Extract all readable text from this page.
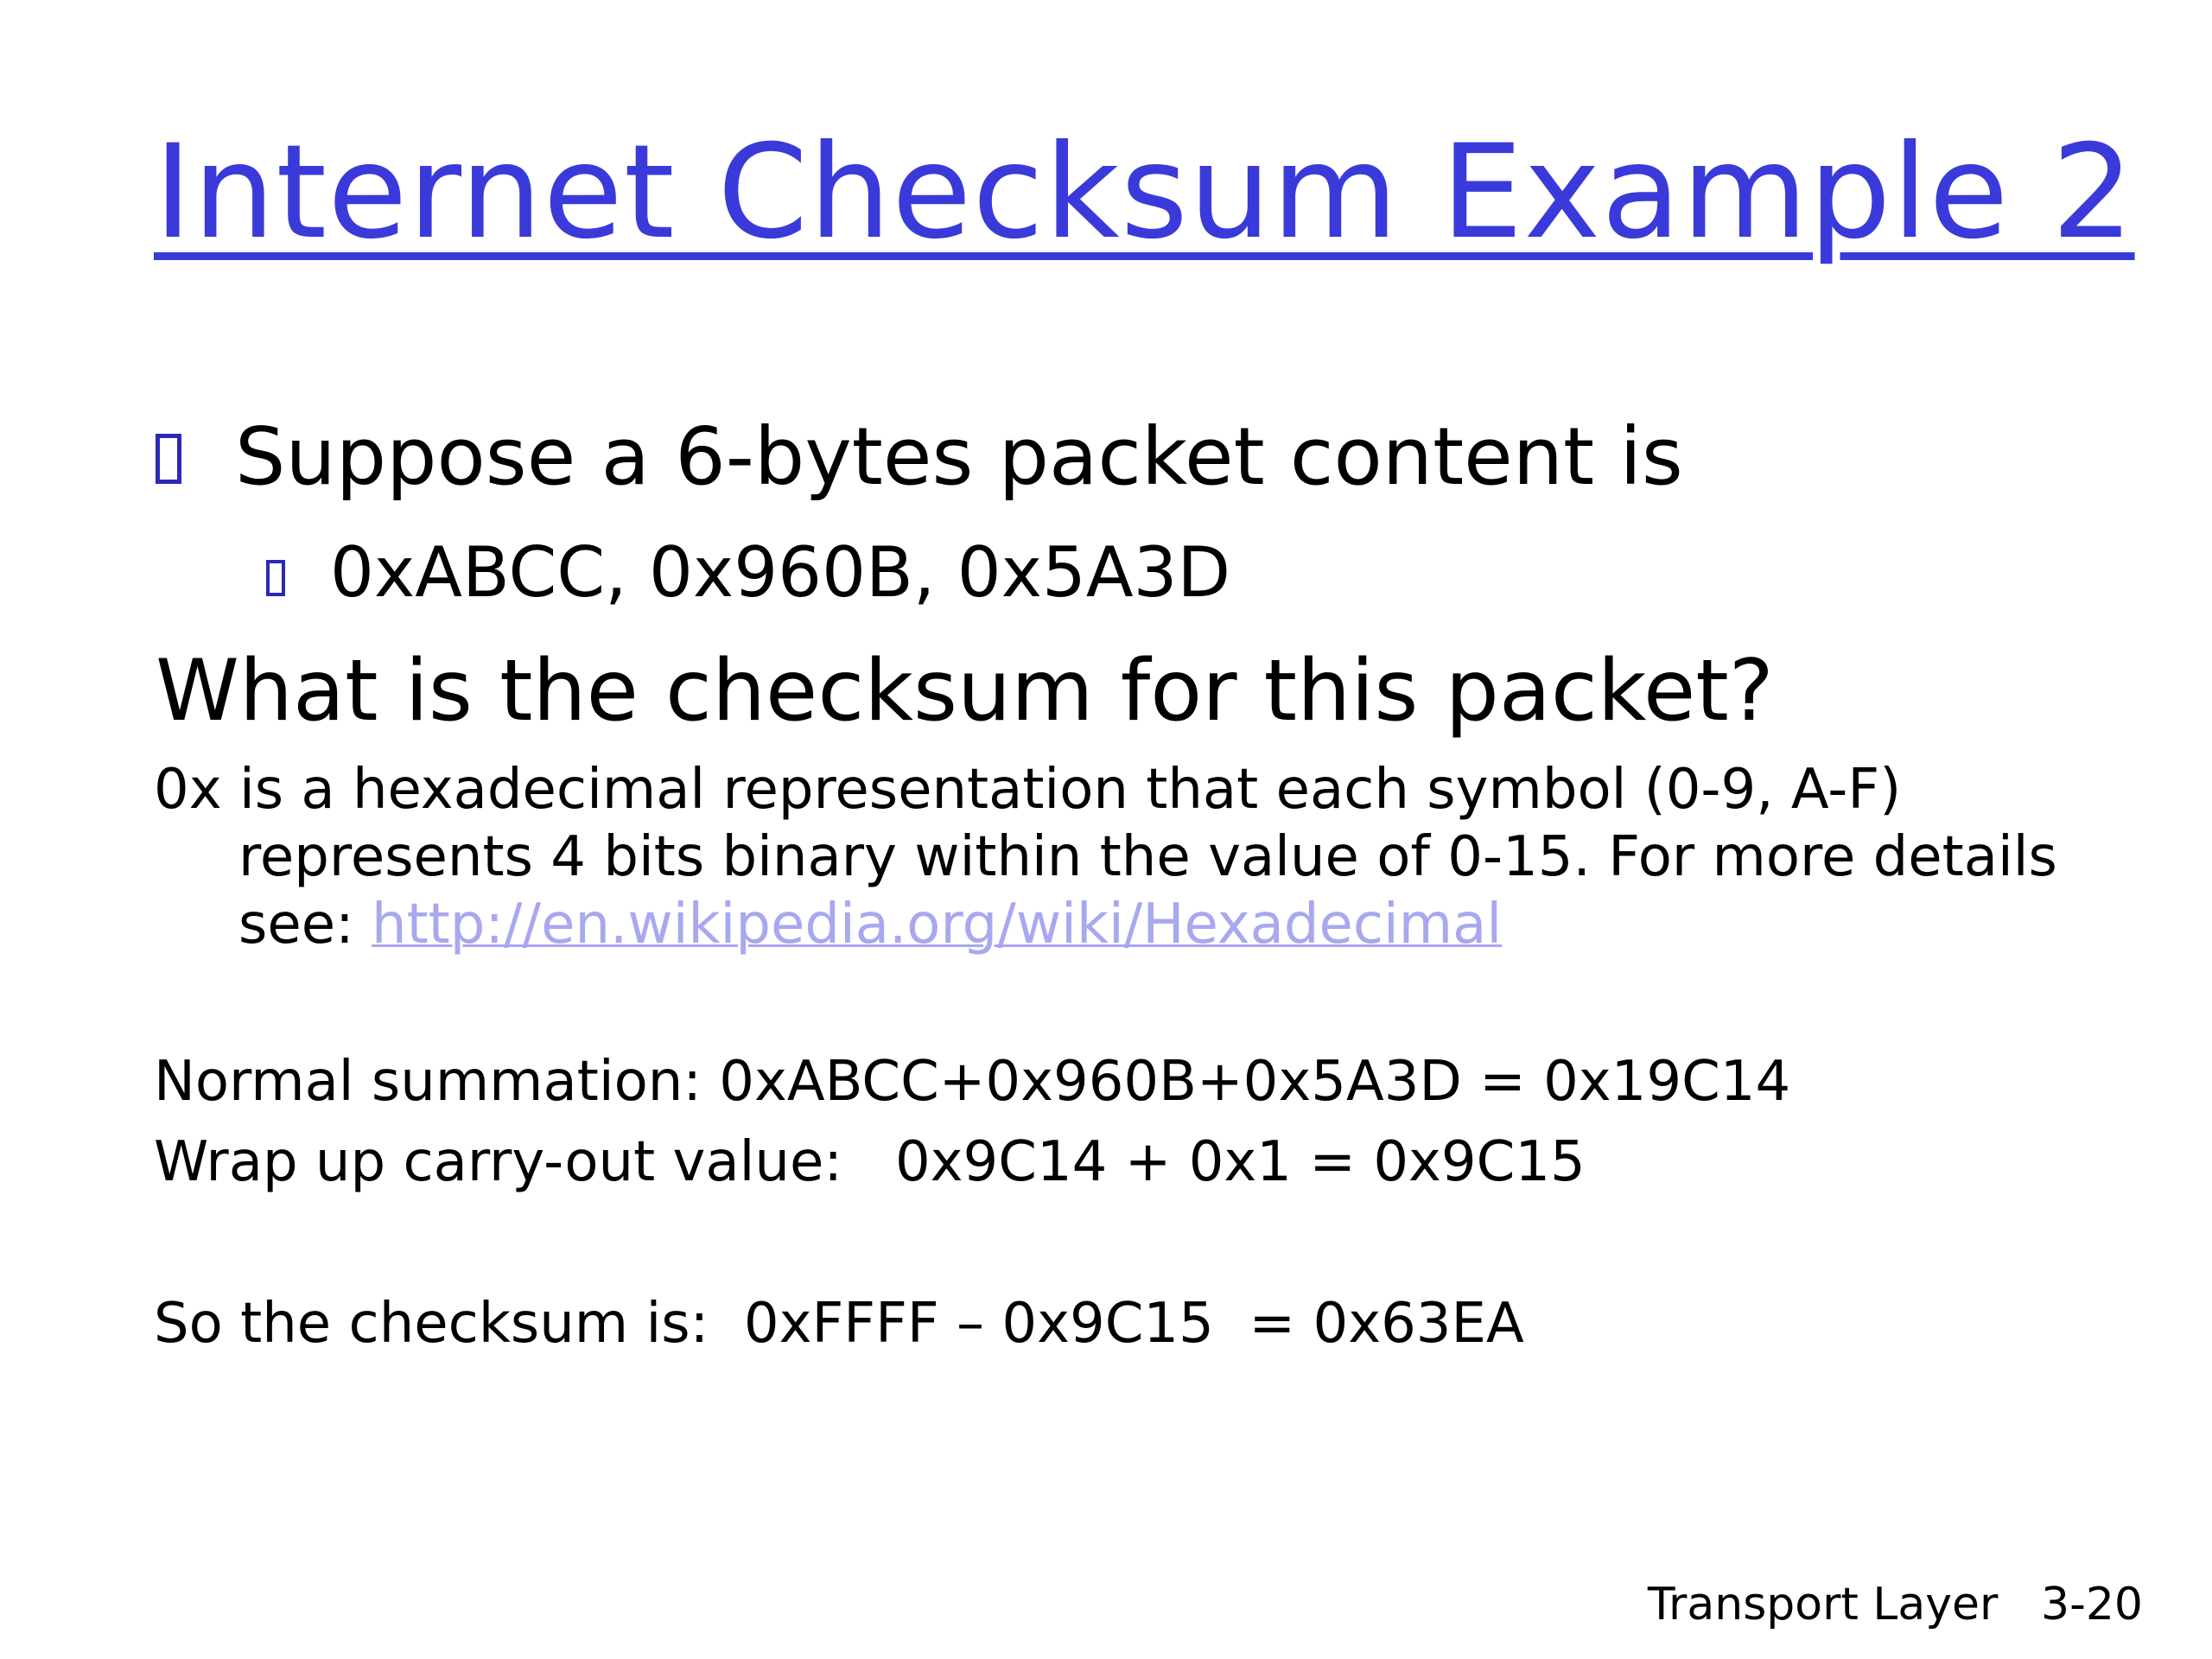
Internet Checksum Example 2
Suppose a 6-bytes packet content is
0xABCC, 0x960B, 0x5A3D
What is the checksum for this packet?
0x is a hexadecimal representation that each symbol (0-9, A-F) represents 4 bits binary within the value of 0-15. For more details see: http://en.wikipedia.org/wiki/Hexadecimal
Normal summation: 0xABCC+0x960B+0x5A3D = 0x19C14
Wrap up carry-out value:   0x9C14 + 0x1 = 0x9C15
So the checksum is:  0xFFFF – 0x9C15  = 0x63EA
Transport Layer 3-20
